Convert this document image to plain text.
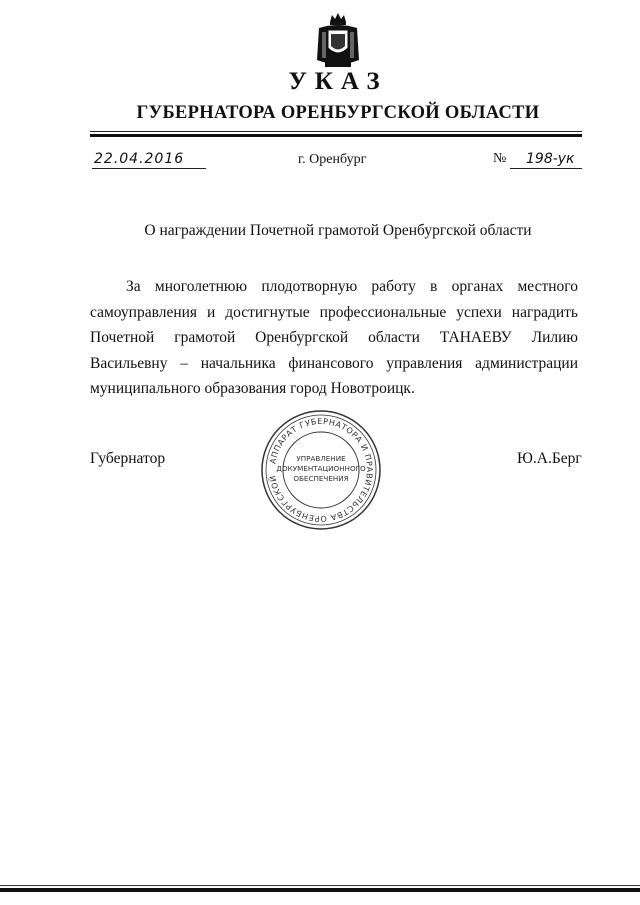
УКАЗ
ГУБЕРНАТОРА ОРЕНБУРГСКОЙ ОБЛАСТИ
22.04.2016	г. Оренбург	№	198-ук
О награждении Почетной грамотой Оренбургской области

За многолетнюю плодотворную работу в органах местного самоуправления и достигнутые профессиональные успехи наградить Почетной грамотой Оренбургской области ТАНАЕВУ Лилию Васильевну – начальника финансового управления администрации муниципального образования город Новотроицк.

Губернатор	АППАРАТ ГУБЕРНАТОРА И ПРАВИТЕЛЬСТВА ОРЕНБУРГСКОЙ
УПРАВЛЕНИЕ
ДОКУМЕНТАЦИОННОГО
ОБЕСПЕЧЕНИЯ
Ю.А.Берг
